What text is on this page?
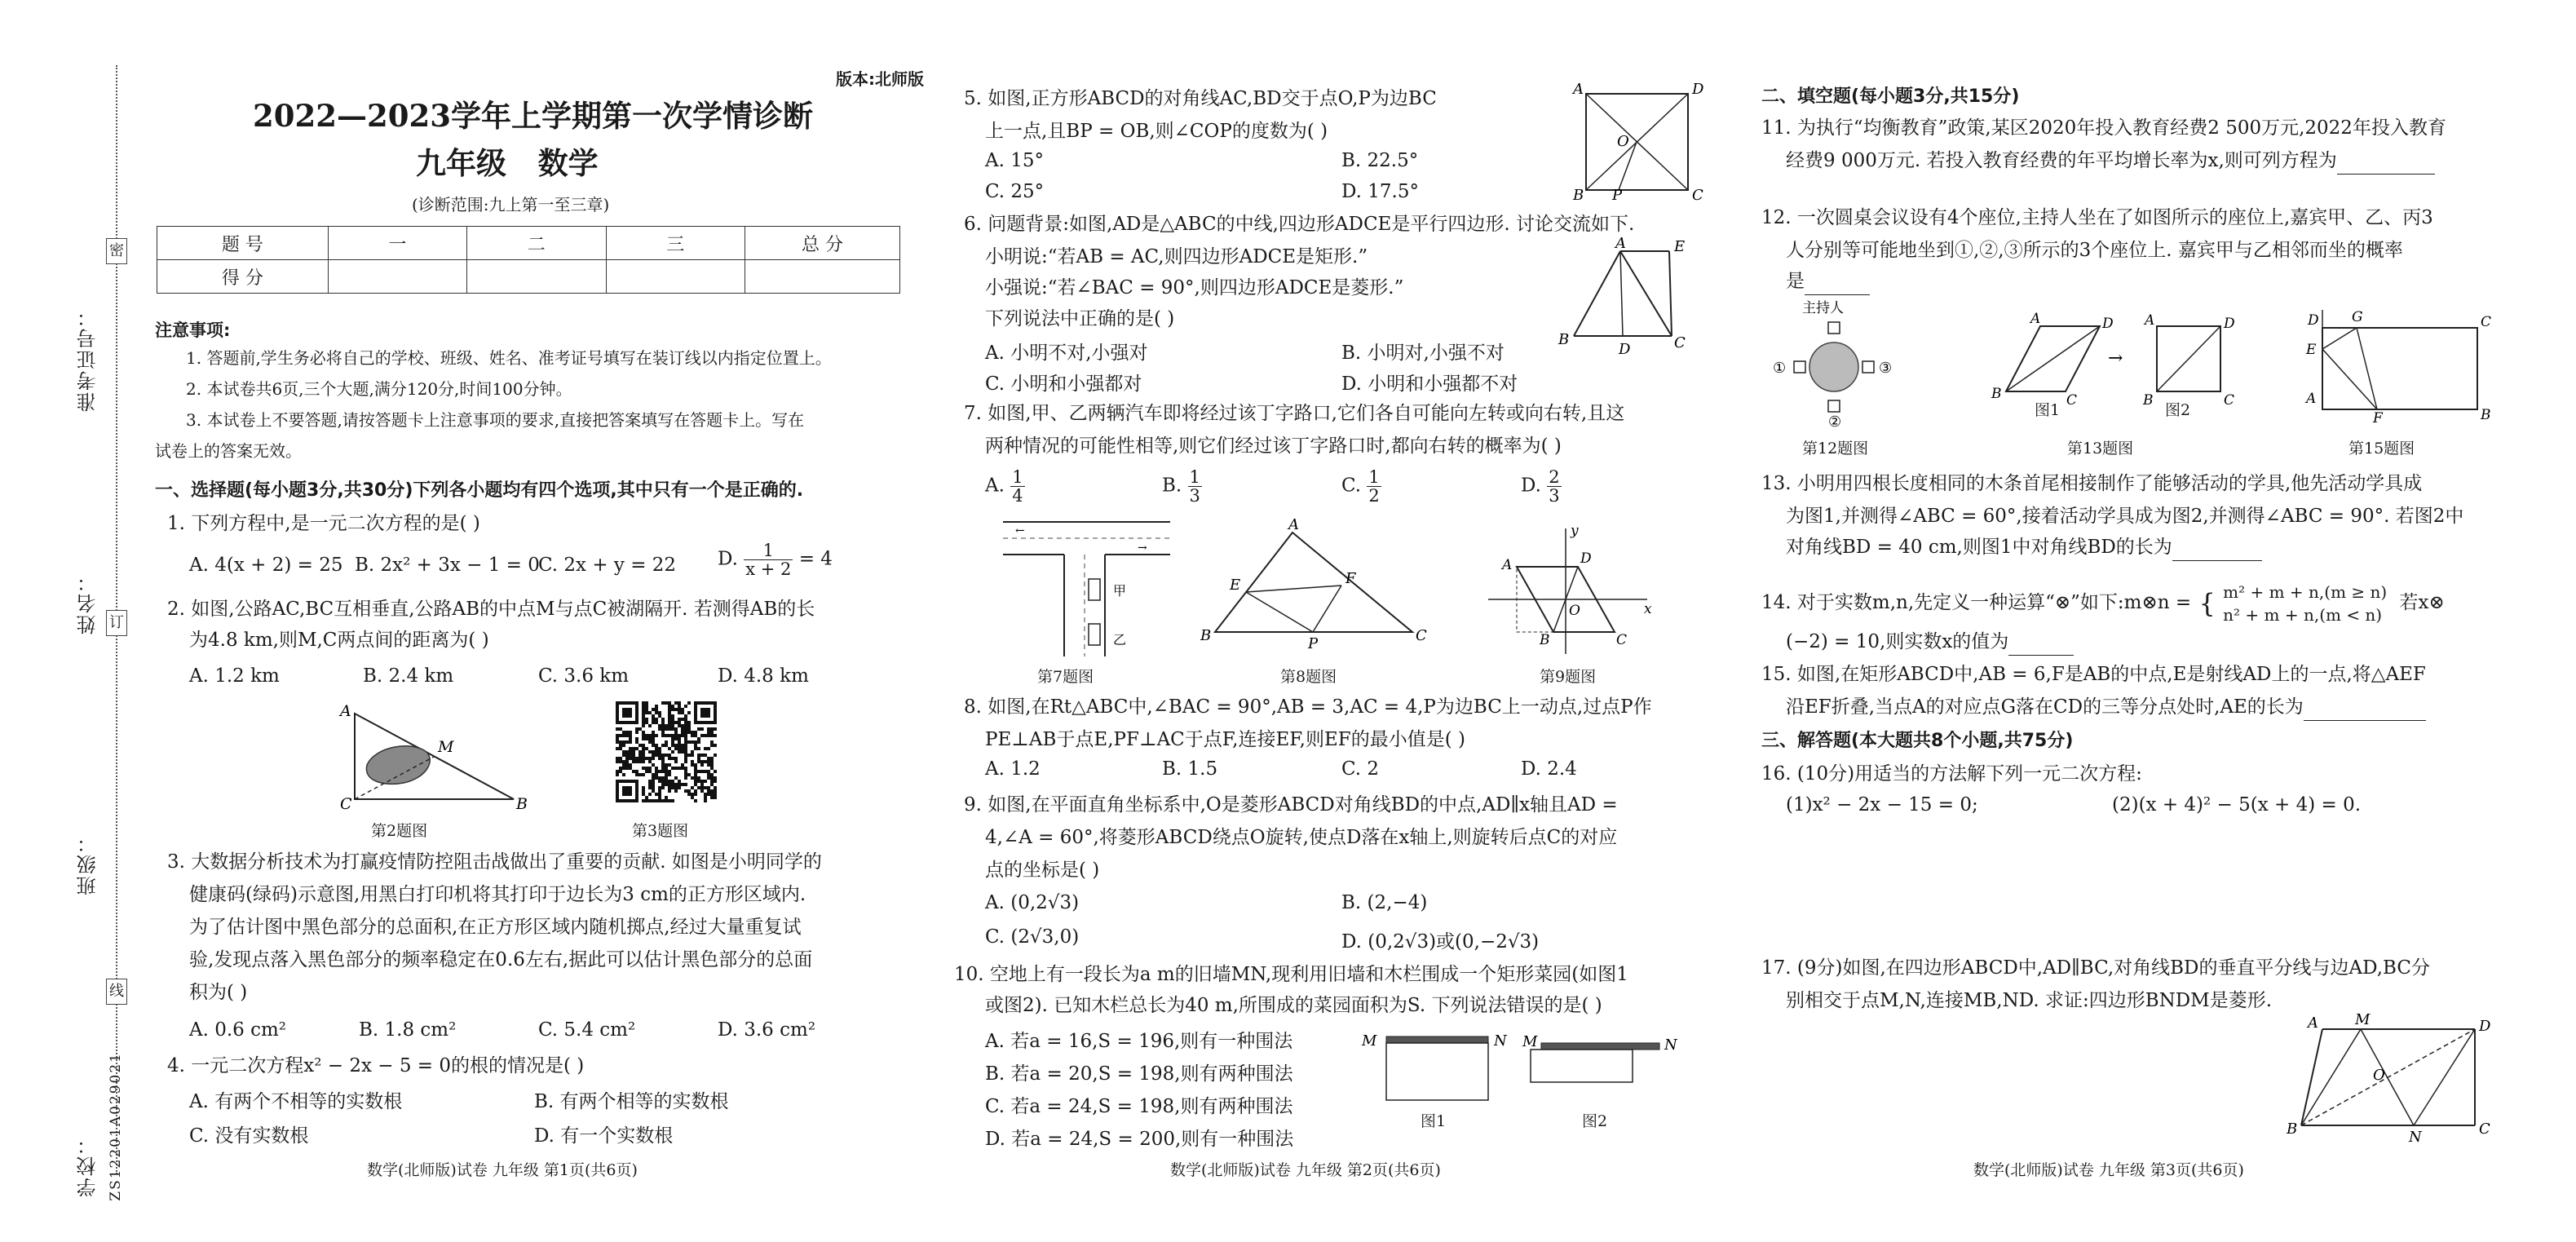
准考证号：
姓名：
班级：
学校：
密
订
线
ZS12201A029021
版本:北师版
2022—2023学年上学期第一次学情诊断
九年级   数学
(诊断范围:九上第一至三章)
题 号	一	二	三	总 分
得 分				
注意事项:
1. 答题前,学生务必将自己的学校、班级、姓名、准考证号填写在装订线以内指定位置上。
2. 本试卷共6页,三个大题,满分120分,时间100分钟。
3. 本试卷上不要答题,请按答题卡上注意事项的要求,直接把答案填写在答题卡上。写在
试卷上的答案无效。
一、选择题(每小题3分,共30分)下列各小题均有四个选项,其中只有一个是正确的.
1. 下列方程中,是一元二次方程的是( )
A. 4(x + 2) = 25 B. 2x² + 3x − 1 = 0
C. 2x + y = 22 D. $\frac{1}{x + 2} = 4$
2. 如图,公路AC,BC互相垂直,公路AB的中点M与点C被湖隔开. 若测得AB的长
为4.8 km,则M,C两点间的距离为( )
A. 1.2 km	B. 2.4 km	C. 3.6 km	D. 4.8 km
A
M
C	B
第2题图	第3题图
3. 大数据分析技术为打赢疫情防控阻击战做出了重要的贡献. 如图是小明同学的
健康码(绿码)示意图,用黑白打印机将其打印于边长为3 cm的正方形区域内.
为了估计图中黑色部分的总面积,在正方形区域内随机掷点,经过大量重复试
验,发现点落入黑色部分的频率稳定在0.6左右,据此可以估计黑色部分的总面
积为( )
A. 0.6 cm²	B. 1.8 cm²	C. 5.4 cm²	D. 3.6 cm²
4. 一元二次方程x² − 2x − 5 = 0的根的情况是( )
A. 有两个不相等的实数根	B. 有两个相等的实数根
C. 没有实数根	D. 有一个实数根
数学(北师版)试卷 九年级 第1页(共6页)
5. 如图,正方形ABCD的对角线AC,BD交于点O,P为边BC
上一点,且BP = OB,则∠COP的度数为( )
A. 15°	B. 22.5°
C. 25°	D. 17.5°
A	D
O
B P	C
6. 问题背景:如图,AD是△ABC的中线,四边形ADCE是平行四边形. 讨论交流如下.
小明说:“若AB = AC,则四边形ADCE是矩形.”
小强说:“若∠BAC = 90°,则四边形ADCE是菱形.”
下列说法中正确的是( )
A. 小明不对,小强对	B. 小明对,小强不对
C. 小明和小强都对	D. 小明和小强都不对
A	E
B
D	C
7. 如图,甲、乙两辆汽车即将经过该丁字路口,它们各自可能向左转或向右转,且这
两种情况的可能性相等,则它们经过该丁字路口时,都向右转的概率为( )
A. $\frac{1}{4}$	B. $\frac{1}{3}$	C. $\frac{1}{2}$	D. $\frac{2}{3}$
←
→
甲
乙
第7题图
A
E	F
B	P	C
第8题图
y
A	D
B
O	x
C
第9题图
8. 如图,在Rt△ABC中,∠BAC = 90°,AB = 3,AC = 4,P为边BC上一动点,过点P作
PE⊥AB于点E,PF⊥AC于点F,连接EF,则EF的最小值是( )
A. 1.2	B. 1.5	C. 2	D. 2.4
9. 如图,在平面直角坐标系中,O是菱形ABCD对角线BD的中点,AD∥x轴且AD =
4,∠A = 60°,将菱形ABCD绕点O旋转,使点D落在x轴上,则旋转后点C的对应
点的坐标是( )
A. (0,2√3)	B. (2,−4)
C. (2√3,0)	D. (0,2√3)或(0,−2√3)
10. 空地上有一段长为a m的旧墙MN,现利用旧墙和木栏围成一个矩形菜园(如图1
或图2). 已知木栏总长为40 m,所围成的菜园面积为S. 下列说法错误的是( )
A. 若a = 16,S = 196,则有一种围法
B. 若a = 20,S = 198,则有两种围法
C. 若a = 24,S = 198,则有两种围法
D. 若a = 24,S = 200,则有一种围法
M	N
图1
M	N
图2
数学(北师版)试卷 九年级 第2页(共6页)
二、填空题(每小题3分,共15分)
11. 为执行“均衡教育”政策,某区2020年投入教育经费2 500万元,2022年投入教育
经费9 000万元. 若投入教育经费的年平均增长率为x,则可列方程为
12. 一次圆桌会议设有4个座位,主持人坐在了如图所示的座位上,嘉宾甲、乙、丙3
人分别等可能地坐到①,②,③所示的3个座位上. 嘉宾甲与乙相邻而坐的概率
是
主持人
①
②
③
第12题图
A	D
B	C
→
A	D
B	C
图1	图2
第13题图
D G	C
E
A
F	B
第15题图
13. 小明用四根长度相同的木条首尾相接制作了能够活动的学具,他先活动学具成
为图1,并测得∠ABC = 60°,接着活动学具成为图2,并测得∠ABC = 90°. 若图2中
对角线BD = 40 cm,则图1中对角线BD的长为
14. 对于实数m,n,先定义一种运算“⊗”如下:m⊗n = { m² + m + n,(m ≥ n)
n² + m + n,(m < n)
若x⊗
(−2) = 10,则实数x的值为
15. 如图,在矩形ABCD中,AB = 6,F是AB的中点,E是射线AD上的一点,将△AEF
沿EF折叠,当点A的对应点G落在CD的三等分点处时,AE的长为
三、解答题(本大题共8个小题,共75分)
16. (10分)用适当的方法解下列一元二次方程:
(1)x² − 2x − 15 = 0;	(2)(x + 4)² − 5(x + 4) = 0.
17. (9分)如图,在四边形ABCD中,AD∥BC,对角线BD的垂直平分线与边AD,BC分
别相交于点M,N,连接MB,ND. 求证:四边形BNDM是菱形.
A	M	D
O
B	N	C
数学(北师版)试卷 九年级 第3页(共6页)
